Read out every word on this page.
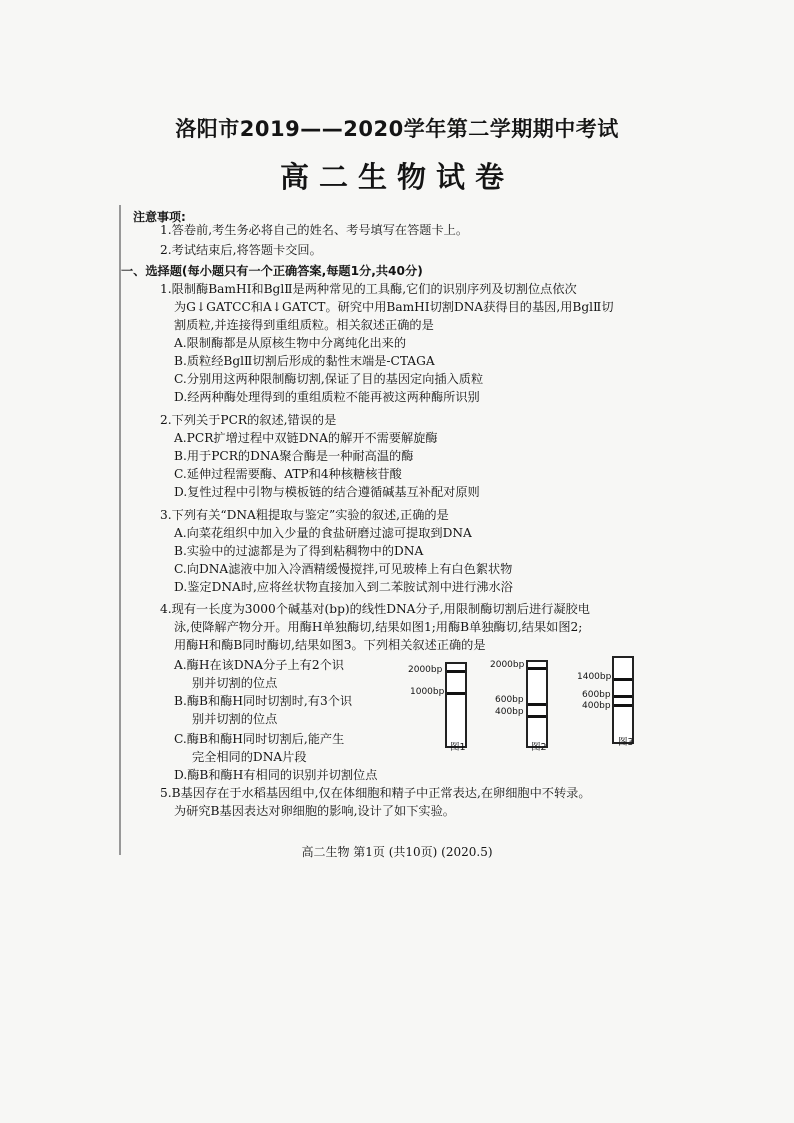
洛阳市2019——2020学年第二学期期中考试
高二生物试卷
注意事项:
1.答卷前,考生务必将自己的姓名、考号填写在答题卡上。
2.考试结束后,将答题卡交回。
一、选择题(每小题只有一个正确答案,每题1分,共40分)
1.限制酶BamHⅠ和BglⅡ是两种常见的工具酶,它们的识别序列及切割位点依次
为G↓GATCC和A↓GATCT。研究中用BamHⅠ切割DNA获得目的基因,用BglⅡ切
割质粒,并连接得到重组质粒。相关叙述正确的是
A.限制酶都是从原核生物中分离纯化出来的
B.质粒经BglⅡ切割后形成的黏性末端是-CTAGA
C.分别用这两种限制酶切割,保证了目的基因定向插入质粒
D.经两种酶处理得到的重组质粒不能再被这两种酶所识别
2.下列关于PCR的叙述,错误的是
A.PCR扩增过程中双链DNA的解开不需要解旋酶
B.用于PCR的DNA聚合酶是一种耐高温的酶
C.延伸过程需要酶、ATP和4种核糖核苷酸
D.复性过程中引物与模板链的结合遵循碱基互补配对原则
3.下列有关“DNA粗提取与鉴定”实验的叙述,正确的是
A.向菜花组织中加入少量的食盐研磨过滤可提取到DNA
B.实验中的过滤都是为了得到粘稠物中的DNA
C.向DNA滤液中加入冷酒精缓慢搅拌,可见玻棒上有白色絮状物
D.鉴定DNA时,应将丝状物直接加入到二苯胺试剂中进行沸水浴
4.现有一长度为3000个碱基对(bp)的线性DNA分子,用限制酶切割后进行凝胶电
泳,使降解产物分开。用酶H单独酶切,结果如图1;用酶B单独酶切,结果如图2;
用酶H和酶B同时酶切,结果如图3。下列相关叙述正确的是
A.酶H在该DNA分子上有2个识
别并切割的位点
B.酶B和酶H同时切割时,有3个识
别并切割的位点
C.酶B和酶H同时切割后,能产生
完全相同的DNA片段
D.酶B和酶H有相同的识别并切割位点
2000bp
1000bp
图1
2000bp
600bp
400bp
图2
1400bp
600bp
400bp
图3
5.B基因存在于水稻基因组中,仅在体细胞和精子中正常表达,在卵细胞中不转录。
为研究B基因表达对卵细胞的影响,设计了如下实验。
高二生物 第1页 (共10页) (2020.5)
